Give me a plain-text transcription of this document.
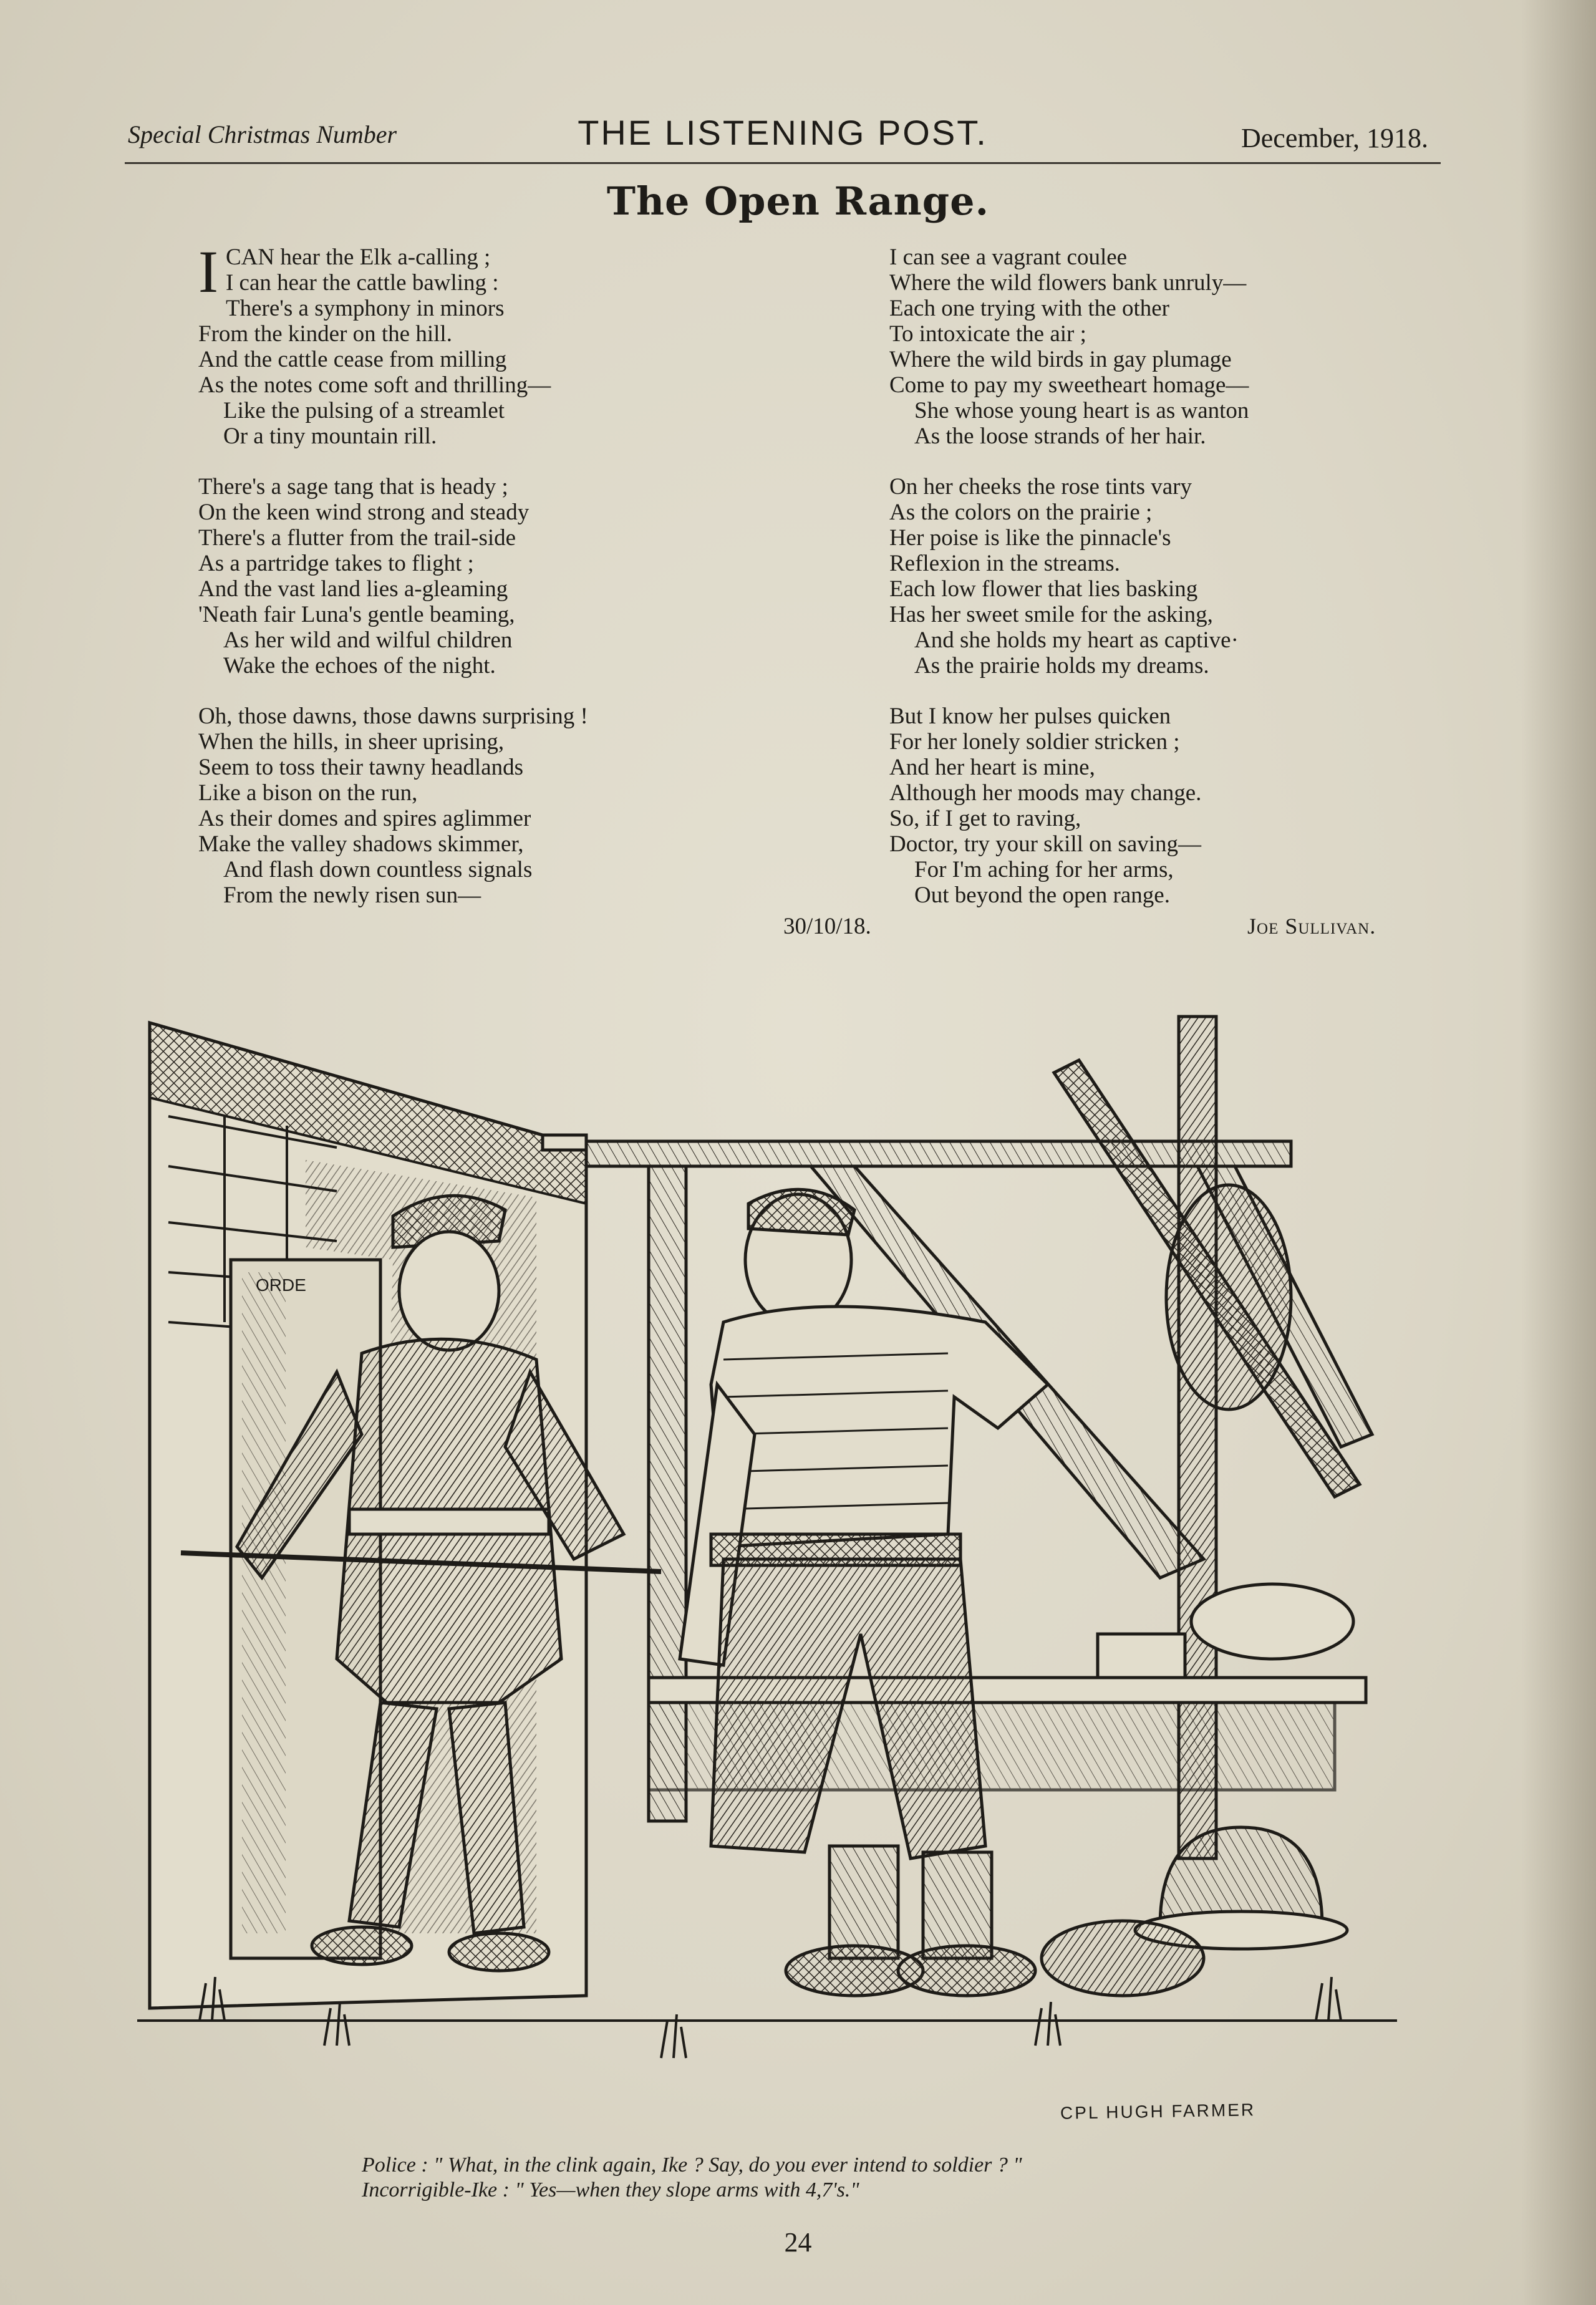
Special Christmas Number	THE LISTENING POST.	December, 1918.
The Open Range.
I CAN hear the Elk a-calling ;
I can hear the cattle bawling :
There's a symphony in minors
From the kinder on the hill.
And the cattle cease from milling
As the notes come soft and thrilling—
Like the pulsing of a streamlet
Or a tiny mountain rill.
There's a sage tang that is heady ;
On the keen wind strong and steady
There's a flutter from the trail-side
As a partridge takes to flight ;
And the vast land lies a-gleaming
'Neath fair Luna's gentle beaming,
As her wild and wilful children
Wake the echoes of the night.
Oh, those dawns, those dawns surprising !
When the hills, in sheer uprising,
Seem to toss their tawny headlands
Like a bison on the run,
As their domes and spires aglimmer
Make the valley shadows skimmer,
And flash down countless signals
From the newly risen sun—
I can see a vagrant coulee
Where the wild flowers bank unruly—
Each one trying with the other
To intoxicate the air ;
Where the wild birds in gay plumage
Come to pay my sweetheart homage—
She whose young heart is as wanton
As the loose strands of her hair.
On her cheeks the rose tints vary
As the colors on the prairie ;
Her poise is like the pinnacle's
Reflexion in the streams.
Each low flower that lies basking
Has her sweet smile for the asking,
And she holds my heart as captive·
As the prairie holds my dreams.
But I know her pulses quicken
For her lonely soldier stricken ;
And her heart is mine,
Although her moods may change.
So, if I get to raving,
Doctor, try your skill on saving—
For I'm aching for her arms,
Out beyond the open range.
30/10/18.	Joe Sullivan.
ORDE
CPL HUGH FARMER
Police : " What, in the clink again, Ike ? Say, do you ever intend to soldier ? "
Incorrigible-Ike : " Yes—when they slope arms with 4,7's."
24
